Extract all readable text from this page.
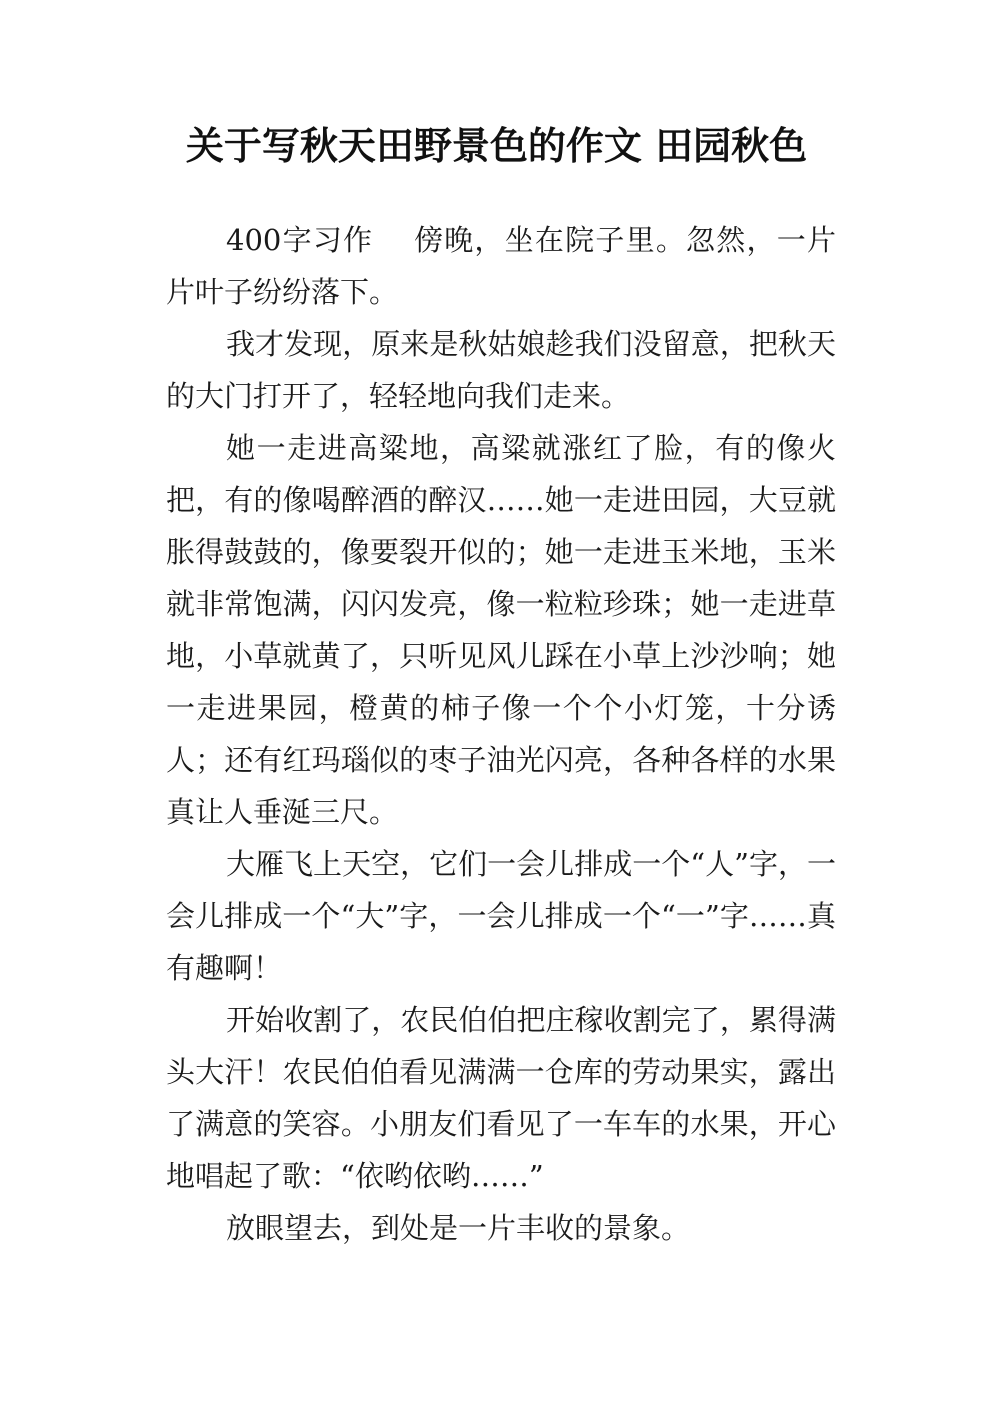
关于写秋天田野景色的作文 田园秋色

400字习作　 傍晚，坐在院子里。忽然，一片片叶子纷纷落下。

我才发现，原来是秋姑娘趁我们没留意，把秋天的大门打开了，轻轻地向我们走来。

她一走进高粱地，高粱就涨红了脸，有的像火把，有的像喝醉酒的醉汉……她一走进田园，大豆就胀得鼓鼓的，像要裂开似的；她一走进玉米地，玉米就非常饱满，闪闪发亮，像一粒粒珍珠；她一走进草地，小草就黄了，只听见风儿踩在小草上沙沙响；她一走进果园，橙黄的柿子像一个个小灯笼，十分诱人；还有红玛瑙似的枣子油光闪亮，各种各样的水果真让人垂涎三尺。

大雁飞上天空，它们一会儿排成一个“人”字，一会儿排成一个“大”字，一会儿排成一个“一”字……真有趣啊！

开始收割了，农民伯伯把庄稼收割完了，累得满头大汗！农民伯伯看见满满一仓库的劳动果实，露出了满意的笑容。小朋友们看见了一车车的水果，开心地唱起了歌：“依哟依哟……”

放眼望去，到处是一片丰收的景象。
